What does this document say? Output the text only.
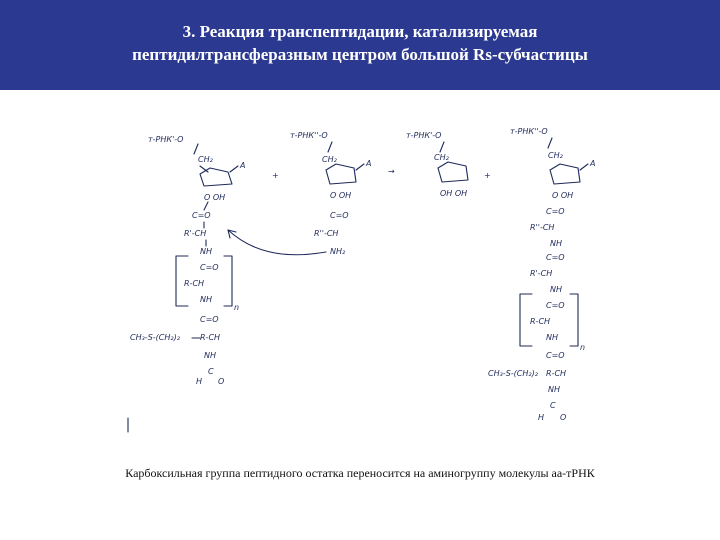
3. Реакция транспептидации, катализируемая
пептидилтрансферазным центром большой Rs-субчастицы
т-РНК'-О
CH₂
A
О ОН
С=О
R'-СН
NH
n
С=О
R-СН
NH
С=О
СН₃-S-(СН₂)₂	R-СН
NH
С
Н О
+
т-РНК''-О
CH₂	A
О ОН
С=О
R''-СН
NH₂
→
т-РНК'-О
CH₂
ОН ОН
+
т-РНК''-О
CH₂
A
О ОН
С=О
R''-СН
NH
С=О
R'-СН
NH
n
С=О
R-СН
NH
С=О
СН₃-S-(СН₂)₂ R-СН
NH
С
Н О
Карбоксильная группа пептидного остатка переносится на аминогруппу молекулы аа-тРНК
